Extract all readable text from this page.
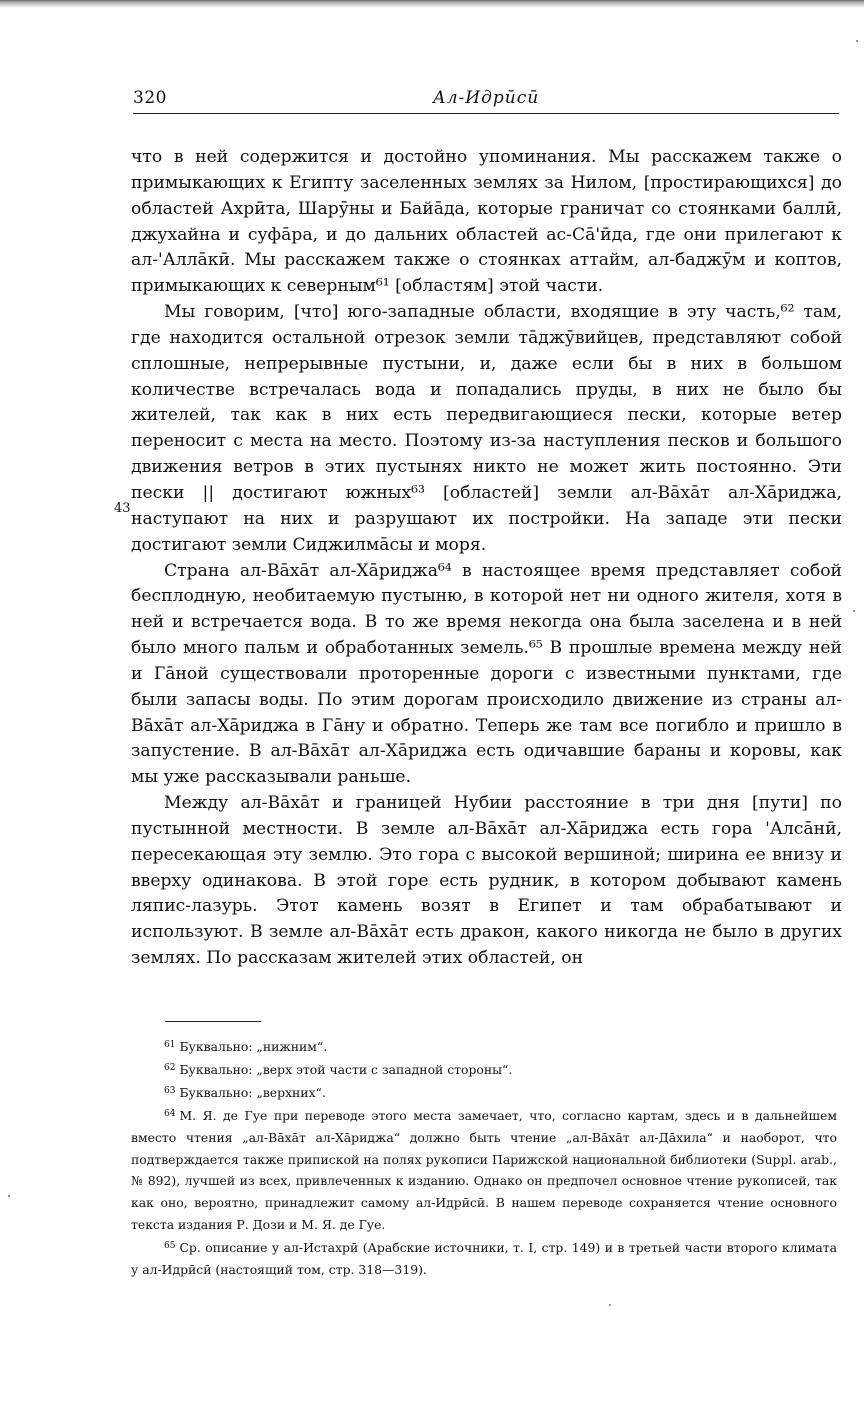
320	Ал-Идрӣсӣ
43

что в ней содержится и достойно упоминания. Мы расскажем также о примыкающих к Египту заселенных землях за Нилом, [простирающихся] до областей Ахрӣта, Шарӯны и Байа̄да, которые граничат со стоянками баллӣ, джухайна и суфа̄ра, и до дальних областей ас-Са̄'ӣда, где они прилегают к ал-'Алла̄кӣ. Мы расскажем также о стоянках аттайм, ал-баджӯм и коптов, примыкающих к северным⁶¹ [областям] этой части.

Мы говорим, [что] юго-западные области, входящие в эту часть,⁶² там, где находится остальной отрезок земли та̄джӯвийцев, представляют собой сплошные, непрерывные пустыни, и, даже если бы в них в большом количестве встречалась вода и попадались пруды, в них не было бы жителей, так как в них есть передвигающиеся пески, которые ветер переносит с места на место. Поэтому из-за наступления песков и большого движения ветров в этих пустынях никто не может жить постоянно. Эти пески || достигают южных⁶³ [областей] земли ал-Ва̄ха̄т ал-Ха̄риджа, наступают на них и разрушают их постройки. На западе эти пески достигают земли Сиджилма̄сы и моря.

Страна ал-Ва̄ха̄т ал-Ха̄риджа⁶⁴ в настоящее время представляет собой бесплодную, необитаемую пустыню, в которой нет ни одного жителя, хотя в ней и встречается вода. В то же время некогда она была заселена и в ней было много пальм и обработанных земель.⁶⁵ В прошлые времена между ней и Га̄ной существовали проторенные дороги с известными пунктами, где были запасы воды. По этим дорогам происходило движение из страны ал-Ва̄ха̄т ал-Ха̄риджа в Га̄ну и обратно. Теперь же там все погибло и пришло в запустение. В ал-Ва̄ха̄т ал-Ха̄риджа есть одичавшие бараны и коровы, как мы уже рассказывали раньше.

Между ал-Ва̄ха̄т и границей Нубии расстояние в три дня [пути] по пустынной местности. В земле ал-Ва̄ха̄т ал-Ха̄риджа есть гора 'Алса̄нӣ, пересекающая эту землю. Это гора с высокой вершиной; ширина ее внизу и вверху одинакова. В этой горе есть рудник, в котором добывают камень ляпис-лазурь. Этот камень возят в Египет и там обрабатывают и используют. В земле ал-Ва̄ха̄т есть дракон, какого никогда не было в других землях. По рассказам жителей этих областей, он

$^{61}$ Буквально: „нижним“.

$^{62}$ Буквально: „верх этой части с западной стороны“.

$^{63}$ Буквально: „верхних“.

$^{64}$ М. Я. де Гуе при переводе этого места замечает, что, согласно картам, здесь и в дальнейшем вместо чтения „ал-Ва̄ха̄т ал-Ха̄риджа“ должно быть чтение „ал-Ва̄ха̄т ал-Да̄хила“ и наоборот, что подтверждается также припиской на полях рукописи Парижской национальной библиотеки (Suppl. arab., № 892), лучшей из всех, привлеченных к изданию. Однако он предпочел основное чтение рукописей, так как оно, вероятно, принадлежит самому ал-Идрӣсӣ. В нашем переводе сохраняется чтение основного текста издания Р. Дози и М. Я. де Гуе.

$^{65}$ Ср. описание у ал-Истахрӣ (Арабские источники, т. I, стр. 149) и в третьей части второго климата у ал-Идрӣсӣ (настоящий том, стр. 318—319).
